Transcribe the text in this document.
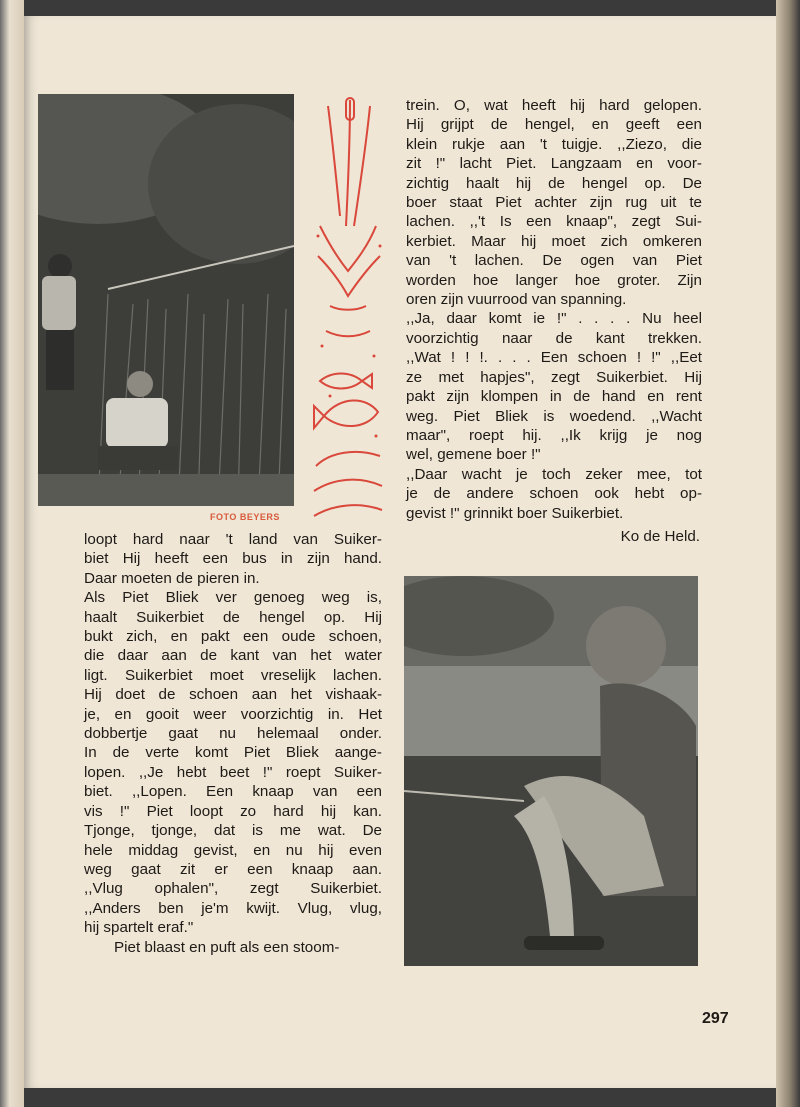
FOTO BEYERS
loopt hard naar 't land van Suiker-
biet Hij heeft een bus in zijn hand.
Daar moeten de pieren in.
Als Piet Bliek ver genoeg weg is,
haalt Suikerbiet de hengel op. Hij
bukt zich, en pakt een oude schoen,
die daar aan de kant van het water
ligt. Suikerbiet moet vreselijk lachen.
Hij doet de schoen aan het vishaak-
je, en gooit weer voorzichtig in. Het
dobbertje gaat nu helemaal onder.
In de verte komt Piet Bliek aange-
lopen. ,,Je hebt beet !" roept Suiker-
biet. ,,Lopen. Een knaap van een
vis !" Piet loopt zo hard hij kan.
Tjonge, tjonge, dat is me wat. De
hele middag gevist, en nu hij even
weg gaat zit er een knaap aan.
,,Vlug ophalen", zegt Suikerbiet.
,,Anders ben je'm kwijt. Vlug, vlug,
hij spartelt eraf."
Piet blaast en puft als een stoom-
trein. O, wat heeft hij hard gelopen.
Hij grijpt de hengel, en geeft een
klein rukje aan 't tuigje. ,,Ziezo, die
zit !" lacht Piet. Langzaam en voor-
zichtig haalt hij de hengel op. De
boer staat Piet achter zijn rug uit te
lachen. ,,'t Is een knaap", zegt Sui-
kerbiet. Maar hij moet zich omkeren
van 't lachen. De ogen van Piet
worden hoe langer hoe groter. Zijn
oren zijn vuurrood van spanning.
,,Ja, daar komt ie !" . . . . Nu heel
voorzichtig naar de kant trekken.
,,Wat ! ! !. . . . Een schoen ! !" ,,Eet
ze met hapjes", zegt Suikerbiet. Hij
pakt zijn klompen in de hand en rent
weg. Piet Bliek is woedend. ,,Wacht
maar", roept hij. ,,Ik krijg je nog
wel, gemene boer !"
,,Daar wacht je toch zeker mee, tot
je de andere schoen ook hebt op-
gevist !" grinnikt boer Suikerbiet.
Ko de Held.
297
